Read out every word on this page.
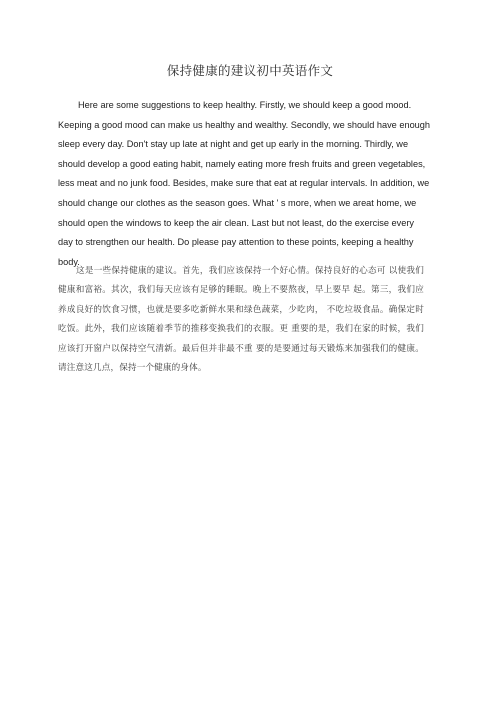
保持健康的建议初中英语作文

Here are some suggestions to keep healthy. Firstly, we should keep a good mood. Keeping a good mood can make us healthy and wealthy. Secondly, we should have enough sleep every day. Don't stay up late at night and get up early in the morning. Thirdly, we should develop a good eating habit, namely eating more fresh fruits and green vegetables, less meat and no junk food. Besides, make sure that eat at regular intervals. In addition, we should change our clothes as the season goes. What ' s more, when we areat home, we should open the windows to keep the air clean. Last but not least, do the exercise every day to strengthen our health. Do please pay attention to these points, keeping a healthy body.

这是一些保持健康的建议。首先，我们应该保持一个好心情。保持良好的心态可 以使我们健康和富裕。其次，我们每天应该有足够的睡眠。晚上不要熬夜，早上要早 起。第三，我们应养成良好的饮食习惯，也就是要多吃新鲜水果和绿色蔬菜，少吃肉， 不吃垃圾食品。确保定时吃饭。此外，我们应该随着季节的推移变换我们的衣服。更 重要的是，我们在家的时候，我们应该打开窗户以保持空气清新。最后但并非最不重 要的是要通过每天锻炼来加强我们的健康。请注意这几点，保持一个健康的身体。
